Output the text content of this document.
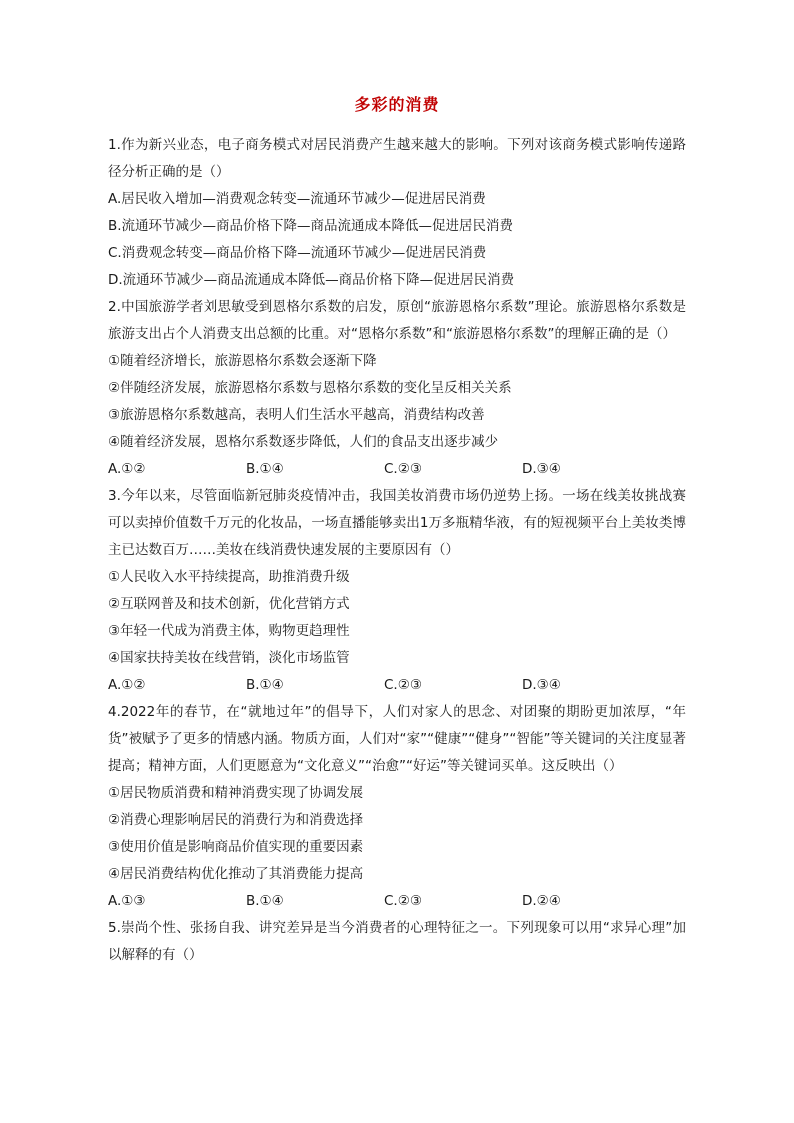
多彩的消费

1.作为新兴业态，电子商务模式对居民消费产生越来越大的影响。下列对该商务模式影响传递路径分析正确的是（）

A.居民收入增加—消费观念转变—流通环节减少—促进居民消费

B.流通环节减少—商品价格下降—商品流通成本降低—促进居民消费

C.消费观念转变—商品价格下降—流通环节减少—促进居民消费

D.流通环节减少—商品流通成本降低—商品价格下降—促进居民消费

2.中国旅游学者刘思敏受到恩格尔系数的启发，原创“旅游恩格尔系数”理论。旅游恩格尔系数是旅游支出占个人消费支出总额的比重。对“恩格尔系数”和“旅游恩格尔系数”的理解正确的是（）

①随着经济增长，旅游恩格尔系数会逐渐下降

②伴随经济发展，旅游恩格尔系数与恩格尔系数的变化呈反相关关系

③旅游恩格尔系数越高，表明人们生活水平越高，消费结构改善

④随着经济发展，恩格尔系数逐步降低，人们的食品支出逐步减少

A.①②	B.①④	C.②③	D.③④

3.今年以来，尽管面临新冠肺炎疫情冲击，我国美妆消费市场仍逆势上扬。一场在线美妆挑战赛可以卖掉价值数千万元的化妆品，一场直播能够卖出1万多瓶精华液，有的短视频平台上美妆类博主已达数百万……美妆在线消费快速发展的主要原因有（）

①人民收入水平持续提高，助推消费升级

②互联网普及和技术创新，优化营销方式

③年轻一代成为消费主体，购物更趋理性

④国家扶持美妆在线营销，淡化市场监管

A.①②	B.①④	C.②③	D.③④

4.2022年的春节，在“就地过年”的倡导下，人们对家人的思念、对团聚的期盼更加浓厚，“年货”被赋予了更多的情感内涵。物质方面，人们对“家”“健康”“健身”“智能”等关键词的关注度显著提高；精神方面，人们更愿意为“文化意义”“治愈”“好运”等关键词买单。这反映出（）

①居民物质消费和精神消费实现了协调发展

②消费心理影响居民的消费行为和消费选择

③使用价值是影响商品价值实现的重要因素

④居民消费结构优化推动了其消费能力提高

A.①③	B.①④	C.②③	D.②④

5.崇尚个性、张扬自我、讲究差异是当今消费者的心理特征之一。下列现象可以用“求异心理”加以解释的有（）
